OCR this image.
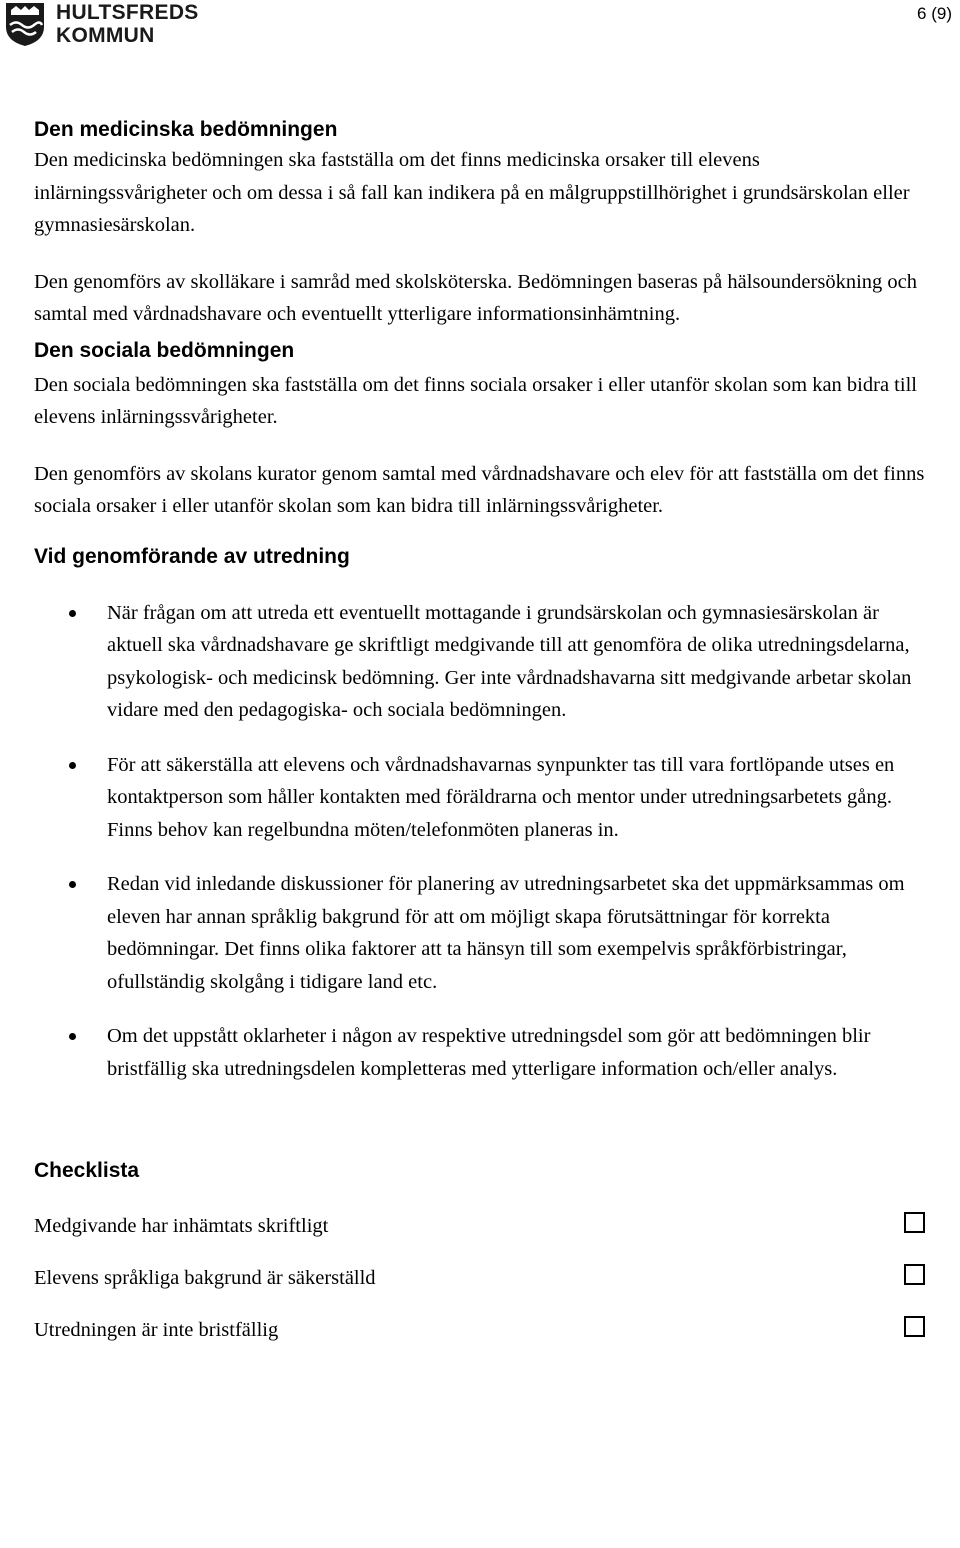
HULTSFREDS
KOMMUN
6 (9)
Den medicinska bedömningen

Den medicinska bedömningen ska fastställa om det finns medicinska orsaker till elevens inlärningssvårigheter och om dessa i så fall kan indikera på en målgruppstillhörighet i grundsärskolan eller gymnasiesärskolan.

Den genomförs av skolläkare i samråd med skolsköterska. Bedömningen baseras på hälsoundersökning och samtal med vårdnadshavare och eventuellt ytterligare informationsinhämtning.

Den sociala bedömningen

Den sociala bedömningen ska fastställa om det finns sociala orsaker i eller utanför skolan som kan bidra till elevens inlärningssvårigheter.

Den genomförs av skolans kurator genom samtal med vårdnadshavare och elev för att fastställa om det finns sociala orsaker i eller utanför skolan som kan bidra till inlärningssvårigheter.

Vid genomförande av utredning
När frågan om att utreda ett eventuellt mottagande i grundsärskolan och gymnasiesärskolan är aktuell ska vårdnadshavare ge skriftligt medgivande till att genomföra de olika utredningsdelarna, psykologisk- och medicinsk bedömning. Ger inte vårdnadshavarna sitt medgivande arbetar skolan vidare med den pedagogiska- och sociala bedömningen.
För att säkerställa att elevens och vårdnadshavarnas synpunkter tas till vara fortlöpande utses en kontaktperson som håller kontakten med föräldrarna och mentor under utredningsarbetets gång. Finns behov kan regelbundna möten/telefonmöten planeras in.
Redan vid inledande diskussioner för planering av utredningsarbetet ska det uppmärksammas om eleven har annan språklig bakgrund för att om möjligt skapa förutsättningar för korrekta bedömningar. Det finns olika faktorer att ta hänsyn till som exempelvis språkförbistringar, ofullständig skolgång i tidigare land etc.
Om det uppstått oklarheter i någon av respektive utredningsdel som gör att bedömningen blir bristfällig ska utredningsdelen kompletteras med ytterligare information och/eller analys.
Checklista
Medgivande har inhämtats skriftligt
Elevens språkliga bakgrund är säkerställd
Utredningen är inte bristfällig
